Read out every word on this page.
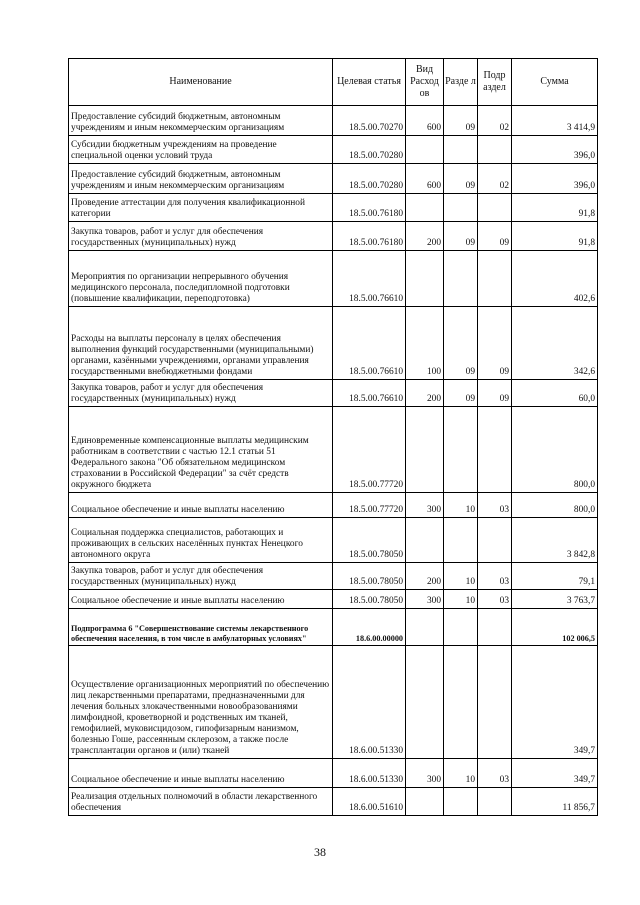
Наименование	Целевая статья	Вид Расход ов	Разде л	Подр аздел	Сумма
Предоставление субсидий бюджетным, автономным учреждениям и иным некоммерческим организациям	18.5.00.70270	600	09	02	3 414,9
Субсидии бюджетным учреждениям на проведение специальной оценки условий труда	18.5.00.70280				396,0
Предоставление субсидий бюджетным, автономным учреждениям и иным некоммерческим организациям	18.5.00.70280	600	09	02	396,0
Проведение аттестации для получения квалификационной категории	18.5.00.76180				91,8
Закупка товаров, работ и услуг для обеспечения государственных (муниципальных) нужд	18.5.00.76180	200	09	09	91,8
Мероприятия по организации непрерывного обучения медицинского персонала, последипломной подготовки (повышение квалификации, переподготовка)	18.5.00.76610				402,6
Расходы на выплаты персоналу в целях обеспечения выполнения функций государственными (муниципальными) органами, казёнными учреждениями, органами управления государственными внебюджетными фондами	18.5.00.76610	100	09	09	342,6
Закупка товаров, работ и услуг для обеспечения государственных (муниципальных) нужд	18.5.00.76610	200	09	09	60,0
Единовременные компенсационные выплаты медицинским работникам в соответствии с частью 12.1 статьи 51 Федерального закона "Об обязательном медицинском страховании в Российской Федерации" за счёт средств окружного бюджета	18.5.00.77720				800,0
Социальное обеспечение и иные выплаты населению	18.5.00.77720	300	10	03	800,0
Социальная поддержка специалистов, работающих и проживающих в сельских населённых пунктах Ненецкого автономного округа	18.5.00.78050				3 842,8
Закупка товаров, работ и услуг для обеспечения государственных (муниципальных) нужд	18.5.00.78050	200	10	03	79,1
Социальное обеспечение и иные выплаты населению	18.5.00.78050	300	10	03	3 763,7
Подпрограмма 6 "Совершенствование системы лекарственного обеспечения населения, в том числе в амбулаторных условиях"	18.6.00.00000				102 006,5
Осуществление организационных мероприятий по обеспечению лиц лекарственными препаратами, предназначенными для лечения больных злокачественными новообразованиями лимфоидной, кроветворной и родственных им тканей, гемофилией, муковисцидозом, гипофизарным нанизмом, болезнью Гоше, рассеянным склерозом, а также после трансплантации органов и (или) тканей	18.6.00.51330				349,7
Социальное обеспечение и иные выплаты населению	18.6.00.51330	300	10	03	349,7
Реализация отдельных полномочий в области лекарственного обеспечения	18.6.00.51610				11 856,7
38
